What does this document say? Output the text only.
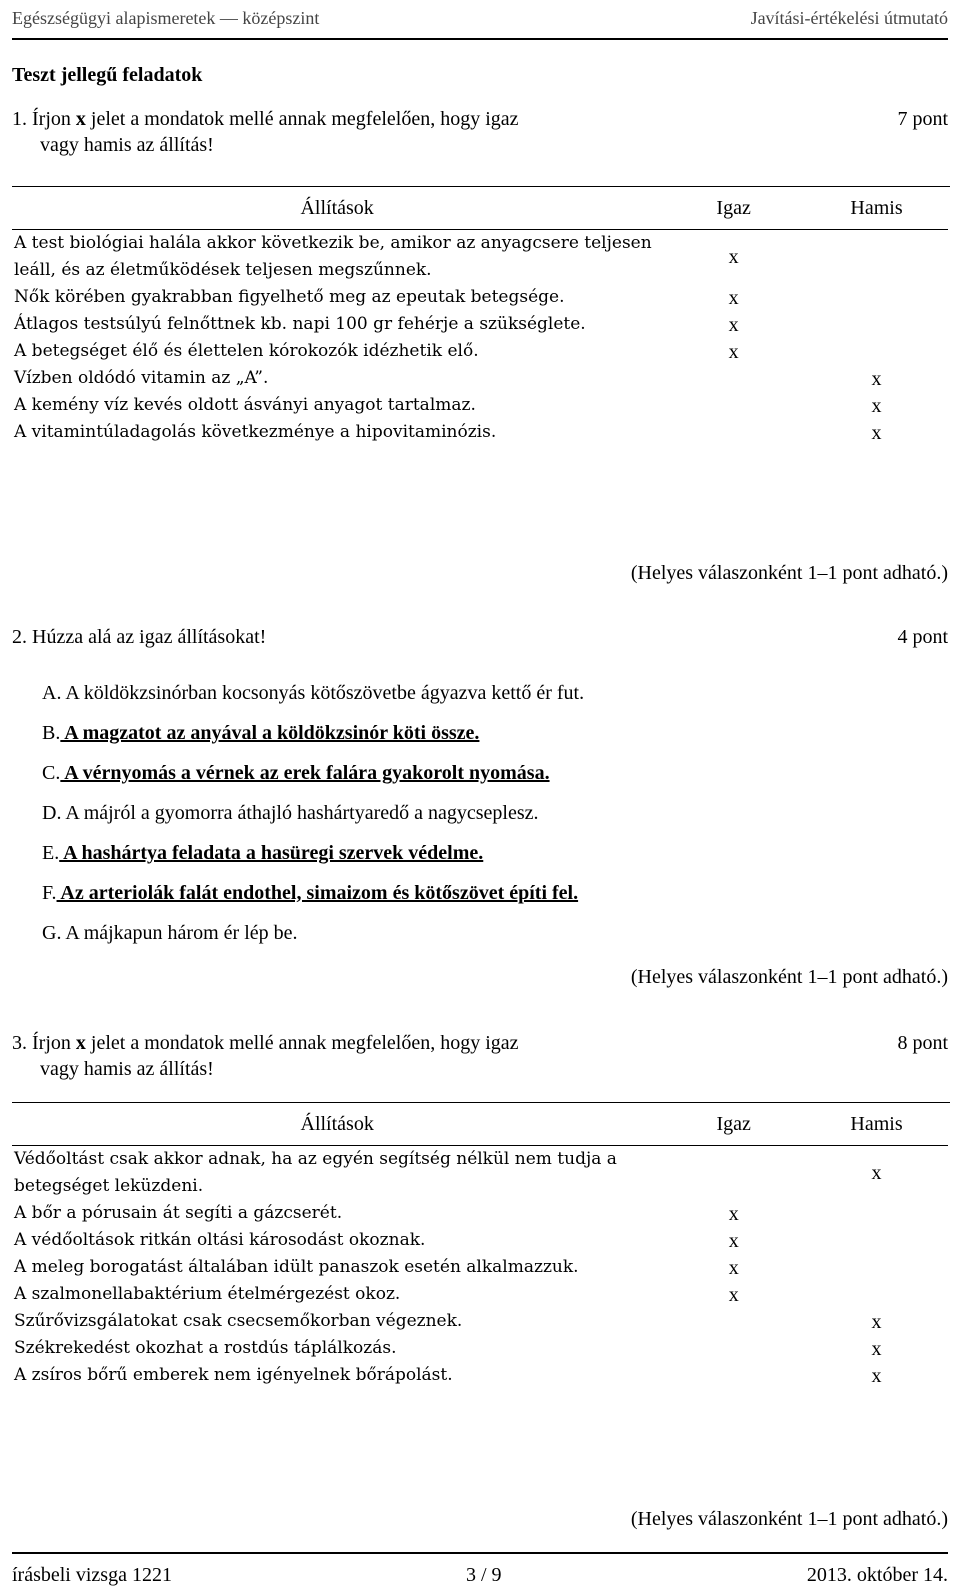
Egészségügyi alapismeretek — középszint	Javítási-értékelési útmutató
Teszt jellegű feladatok
1. Írjon x jelet a mondatok mellé annak megfelelően, hogy igaz
vagy hamis az állítás!
7 pont
Állítások	Igaz	Hamis
A test biológiai halála akkor következik be, amikor az anyagcsere teljesen leáll, és az életműködések teljesen megszűnnek.	x	
Nők körében gyakrabban figyelhető meg az epeutak betegsége.	x	
Átlagos testsúlyú felnőttnek kb. napi 100 gr fehérje a szükséglete.	x	
A betegséget élő és élettelen kórokozók idézhetik elő.	x	
Vízben oldódó vitamin az „A”.		x
A kemény víz kevés oldott ásványi anyagot tartalmaz.		x
A vitamintúladagolás következménye a hipovitaminózis.		x
(Helyes válaszonként 1–1 pont adható.)
2. Húzza alá az igaz állításokat!	4 pont
A. A köldökzsinórban kocsonyás kötőszövetbe ágyazva kettő ér fut.
B. A magzatot az anyával a köldökzsinór köti össze.
C. A vérnyomás a vérnek az erek falára gyakorolt nyomása.
D. A májról a gyomorra áthajló hashártyaredő a nagycseplesz.
E. A hashártya feladata a hasüregi szervek védelme.
F. Az arteriolák falát endothel, simaizom és kötőszövet építi fel.
G. A májkapun három ér lép be.
(Helyes válaszonként 1–1 pont adható.)
3. Írjon x jelet a mondatok mellé annak megfelelően, hogy igaz
vagy hamis az állítás!
8 pont
Állítások	Igaz	Hamis
Védőoltást csak akkor adnak, ha az egyén segítség nélkül nem tudja a betegséget leküzdeni.		x
A bőr a pórusain át segíti a gázcserét.	x	
A védőoltások ritkán oltási károsodást okoznak.	x	
A meleg borogatást általában idült panaszok esetén alkalmazzuk.	x	
A szalmonellabaktérium ételmérgezést okoz.	x	
Szűrővizsgálatokat csak csecsemőkorban végeznek.		x
Székrekedést okozhat a rostdús táplálkozás.		x
A zsíros bőrű emberek nem igényelnek bőrápolást.		x
(Helyes válaszonként 1–1 pont adható.)
írásbeli vizsga 1221	3 / 9	2013. október 14.
